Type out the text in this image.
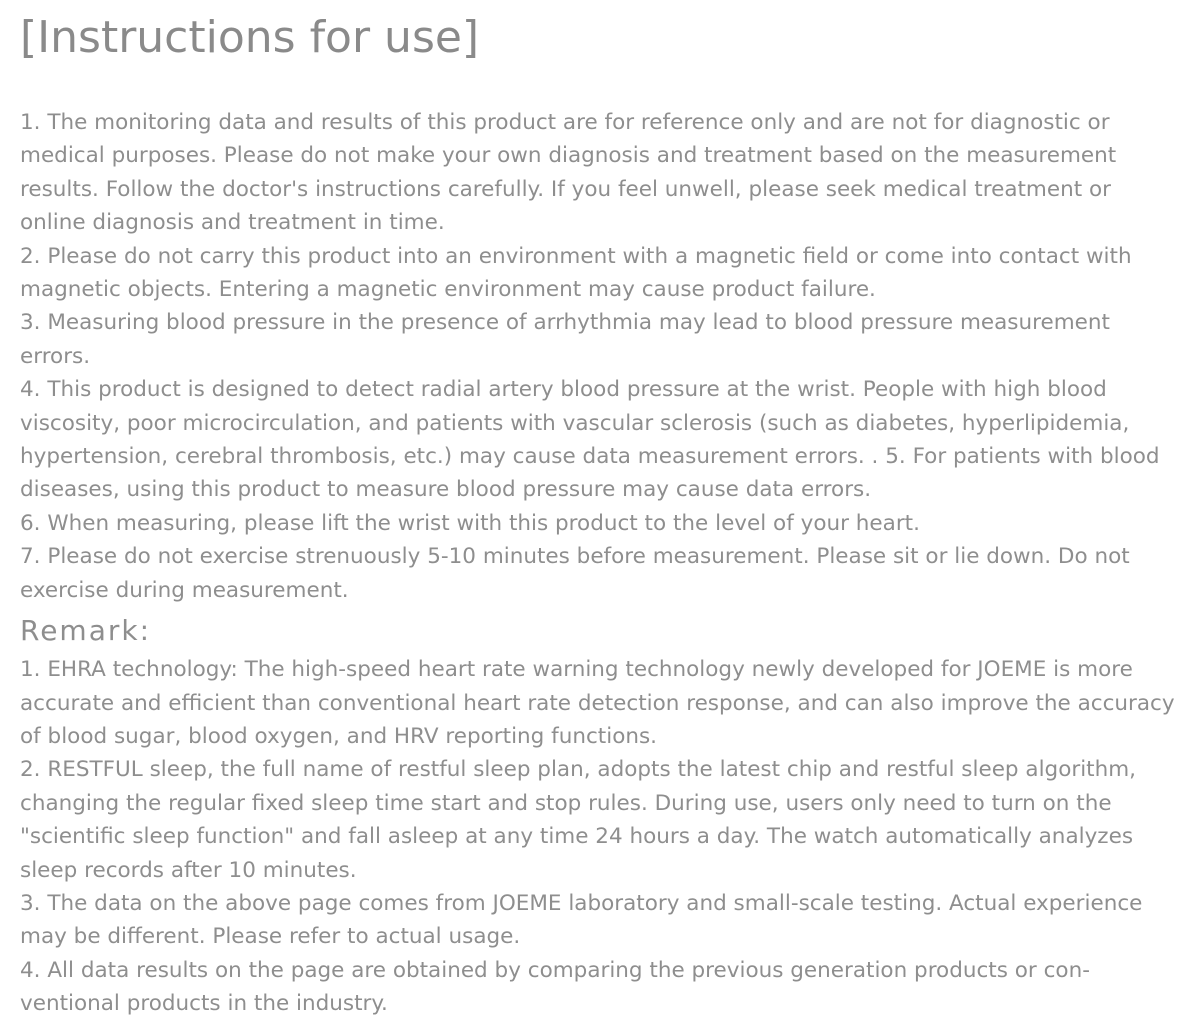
[Instructions for use]

1. The monitoring data and results of this product are for reference only and are not for diagnostic or medical purposes. Please do not make your own diagnosis and treatment based on the measurement results. Follow the doctor's instructions carefully. If you feel unwell, please seek medical treatment or online diagnosis and treatment in time.

2. Please do not carry this product into an environment with a magnetic field or come into contact with magnetic objects. Entering a magnetic environment may cause product failure.

3. Measuring blood pressure in the presence of arrhythmia may lead to blood pressure measurement errors.

4. This product is designed to detect radial artery blood pressure at the wrist. People with high blood viscosity, poor microcirculation, and patients with vascular sclerosis (such as diabetes, hyperlipidemia, hypertension, cerebral thrombosis, etc.) may cause data measurement errors. . 5. For patients with blood diseases, using this product to measure blood pressure may cause data errors.

6. When measuring, please lift the wrist with this product to the level of your heart.

7. Please do not exercise strenuously 5-10 minutes before measurement. Please sit or lie down. Do not exercise during measurement.

Remark:

1. EHRA technology: The high-speed heart rate warning technology newly developed for JOEME is more accurate and efficient than conventional heart rate detection response, and can also improve the accuracy of blood sugar, blood oxygen, and HRV reporting functions.

2. RESTFUL sleep, the full name of restful sleep plan, adopts the latest chip and restful sleep algorithm, changing the regular fixed sleep time start and stop rules. During use, users only need to turn on the "scientific sleep function" and fall asleep at any time 24 hours a day. The watch automatically analyzes sleep records after 10 minutes.

3. The data on the above page comes from JOEME laboratory and small-scale testing. Actual experience may be different. Please refer to actual usage.

4. All data results on the page are obtained by comparing the previous generation products or conventional products in the industry.
